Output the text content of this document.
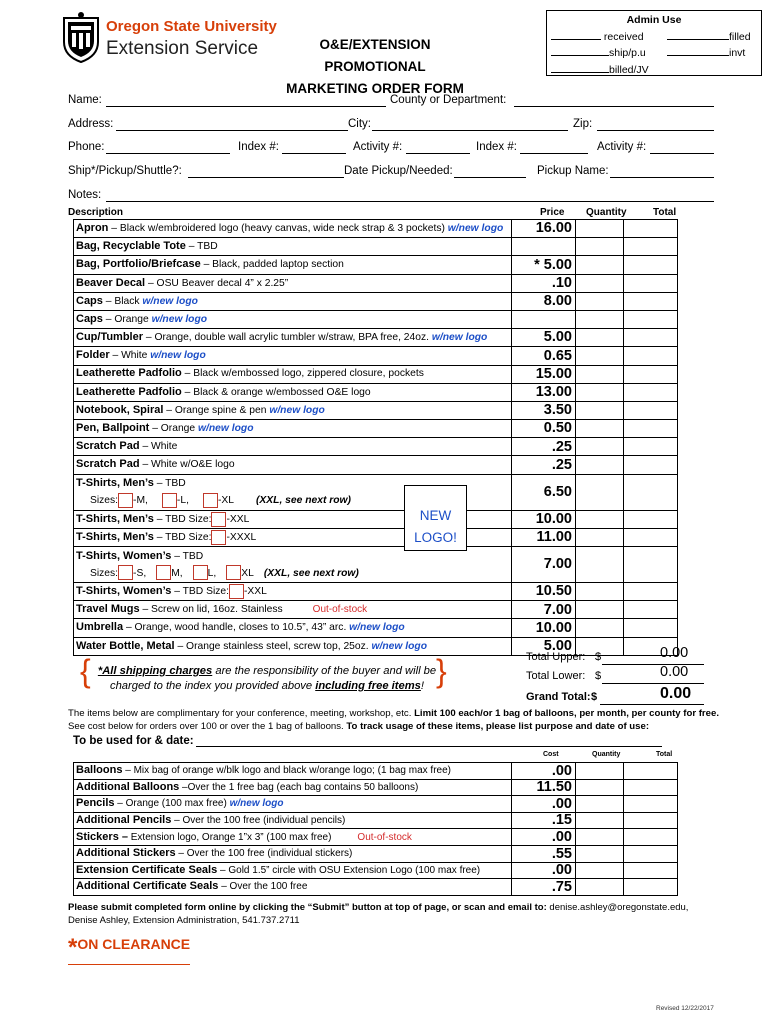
Oregon State University
Extension Service	O&E/EXTENSION PROMOTIONAL
MARKETING ORDER FORM
Admin Use
received	filled
ship/p.u	invt
billed/JV
Name:	County or Department:
Address:	City:	Zip:
Phone:	Index #:	Activity #:	Index #:	Activity #:
Ship*/Pickup/Shuttle?:	Date Pickup/Needed:	Pickup Name:
Notes:
Description	Price Quantity	Total
Apron – Black w/embroidered logo (heavy canvas, wide neck strap & 3 pockets) w/new logo	16.00		
Bag, Recyclable Tote – TBD			
Bag, Portfolio/Briefcase – Black, padded laptop section	* 5.00		
Beaver Decal – OSU Beaver decal 4” x 2.25”	.10		
Caps – Black w/new logo	8.00		
Caps – Orange w/new logo			
Cup/Tumbler – Orange, double wall acrylic tumbler w/straw, BPA free, 24oz. w/new logo	5.00		
Folder – White w/new logo	0.65		
Leatherette Padfolio – Black w/embossed logo, zippered closure, pockets	15.00		
Leatherette Padfolio – Black & orange w/embossed O&E logo	13.00		
Notebook, Spiral – Orange spine & pen w/new logo	3.50		
Pen, Ballpoint – Orange w/new logo	0.50		
Scratch Pad – White	.25		
Scratch Pad – White w/O&E logo	.25		

T-Shirts, Men’s – TBD
Sizes: -M, -L, -XL (XXL, see next row)	6.50		
T-Shirts, Men’s – TBD Size: -XXL	10.00		
T-Shirts, Men’s – TBD Size: -XXXL	11.00		

T-Shirts, Women’s – TBD
Sizes: -S, M, L, XL (XXL, see next row)	7.00		
T-Shirts, Women’s – TBD Size: -XXL	10.50		
Travel Mugs – Screw on lid, 16oz. Stainless Out-of-stock	7.00		
Umbrella – Orange, wood handle, closes to 10.5”, 43” arc. w/new logo	10.00		
Water Bottle, Metal – Orange stainless steel, screw top, 25oz. w/new logo	5.00		
NEW
LOGO!
Total Upper: $	0.00
Total Lower: $	0.00
Grand Total: $	0.00
{	}
*All shipping charges are the responsibility of the buyer and will be
charged to the index you provided above including free items!
The items below are complimentary for your conference, meeting, workshop, etc. Limit 100 each/or 1 bag of balloons, per month, per county for free.
See cost below for orders over 100 or over the 1 bag of balloons. To track usage of these items, please list purpose and date of use:
To be used for & date:
Cost	Quantity	Total
Balloons – Mix bag of orange w/blk logo and black w/orange logo; (1 bag max free)	.00		
Additional Balloons –Over the 1 free bag (each bag contains 50 balloons)	11.50		
Pencils – Orange (100 max free) w/new logo	.00		
Additional Pencils – Over the 100 free (individual pencils)	.15		
Stickers – Extension logo, Orange 1”x 3” (100 max free) Out-of-stock	.00		
Additional Stickers – Over the 100 free (individual stickers)	.55		
Extension Certificate Seals – Gold 1.5” circle with OSU Extension Logo (100 max free)	.00		
Additional Certificate Seals – Over the 100 free	.75		
Please submit completed form online by clicking the “Submit” button at top of page, or scan and email to: denise.ashley@oregonstate.edu,
Denise Ashley, Extension Administration, 541.737.2711
*ON CLEARANCE
Revised 12/22/2017
